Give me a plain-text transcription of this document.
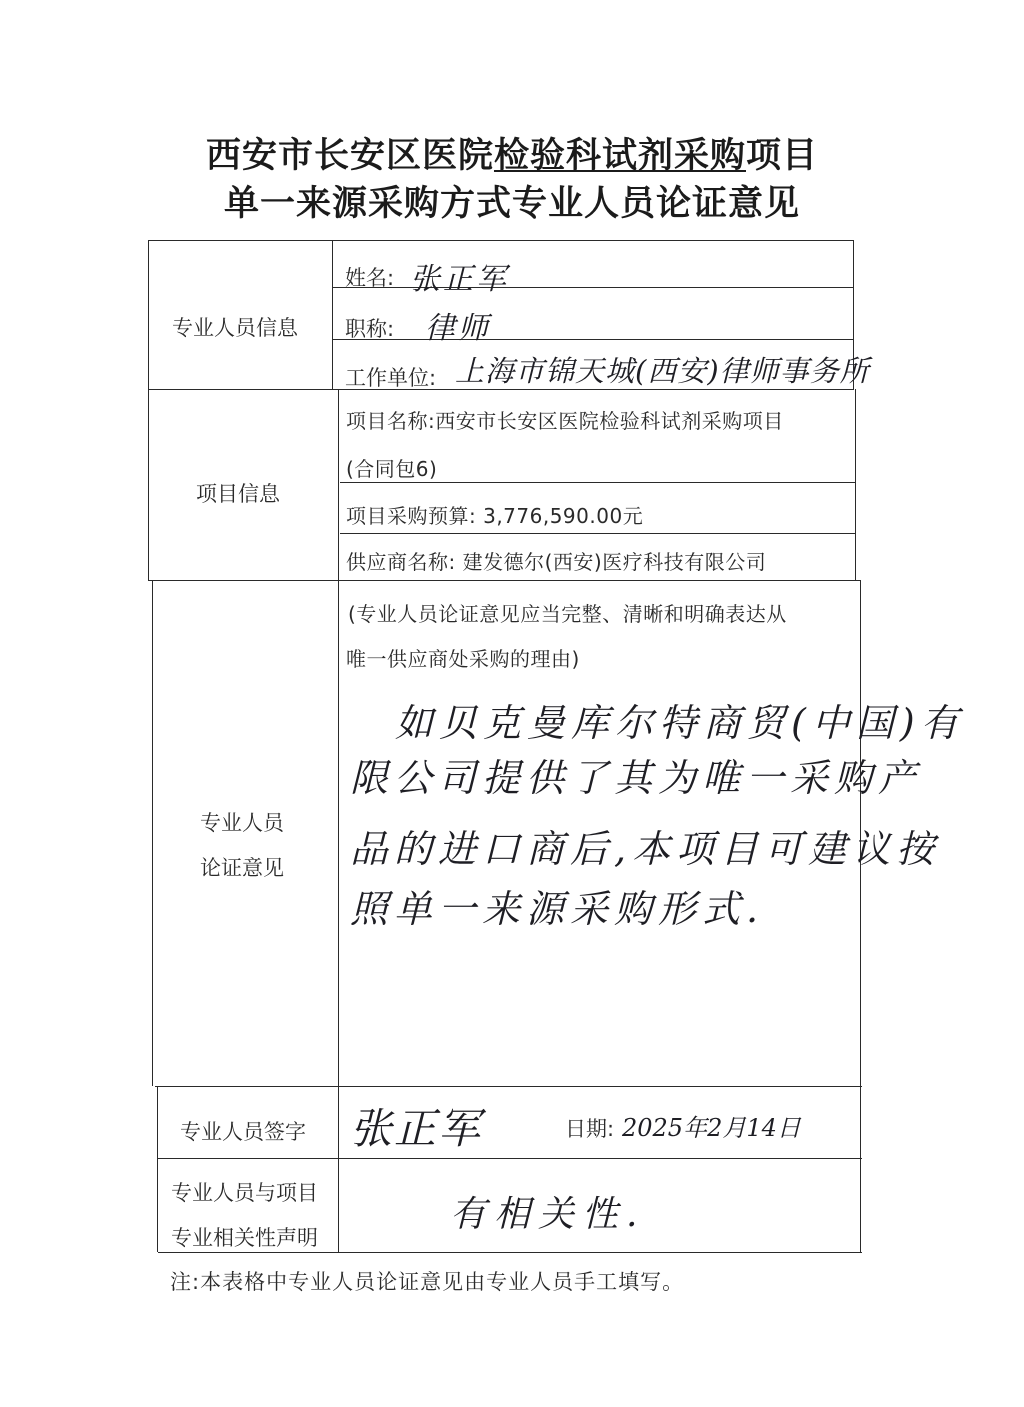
西安市长安区医院检验科试剂采购项目
单一来源采购方式专业人员论证意见
专业人员信息
姓名: 张正军
职称: 律师
工作单位: 上海市锦天城(西安)律师事务所
项目信息
项目名称:西安市长安区医院检验科试剂采购项目
(合同包6)
项目采购预算: 3,776,590.00元
供应商名称: 建发德尔(西安)医疗科技有限公司
专业人员
论证意见
(专业人员论证意见应当完整、清晰和明确表达从
唯一供应商处采购的理由)
如贝克曼库尔特商贸(中国)有
限公司提供了其为唯一采购产
品的进口商后,本项目可建议按
照单一来源采购形式.
专业人员签字 张正军	日期: 2025年2月14日
专业人员与项目
专业相关性声明
有相关性.
注:本表格中专业人员论证意见由专业人员手工填写。
